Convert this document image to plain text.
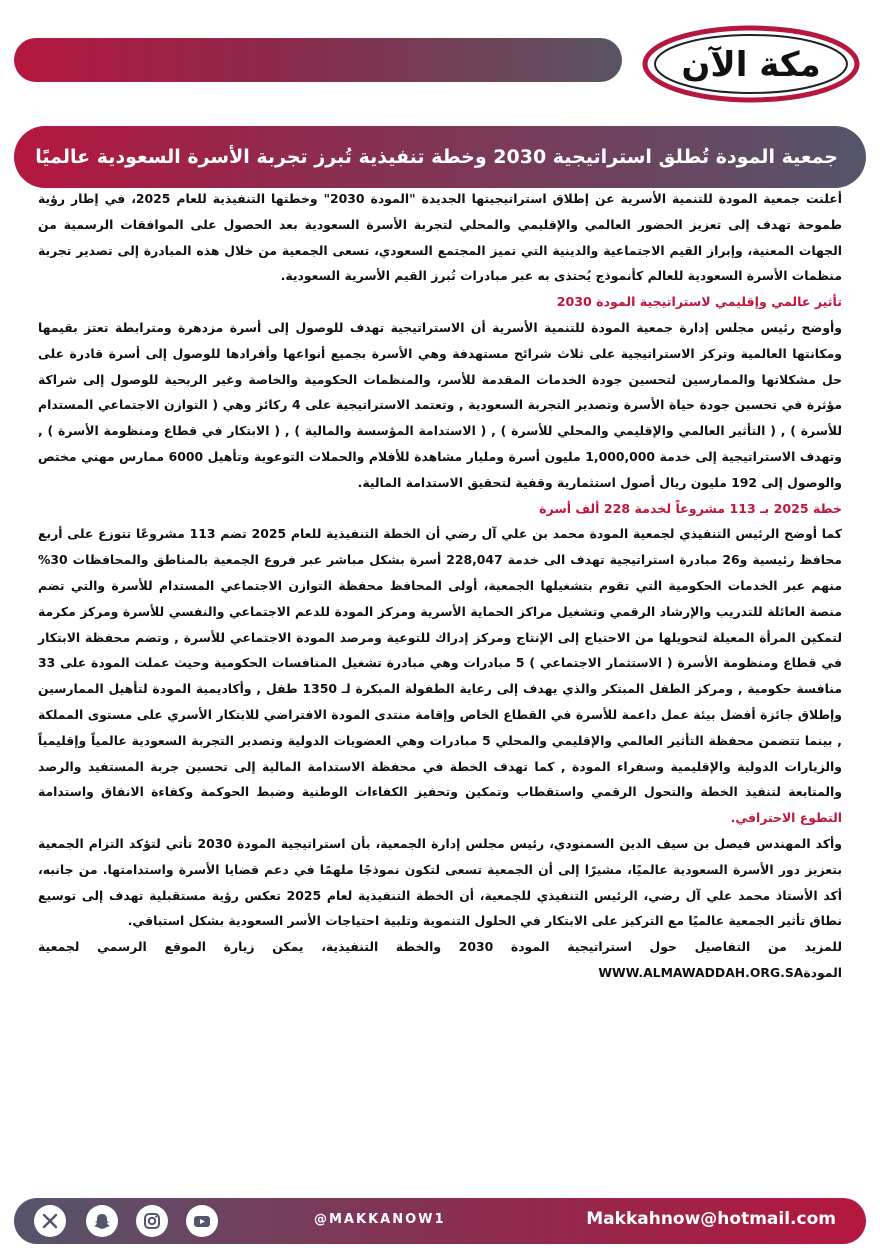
مكة الآن
جمعية المودة تُطلق استراتيجية 2030 وخطة تنفيذية تُبرز تجربة الأسرة السعودية عالميًا

أعلنت جمعية المودة للتنمية الأسرية عن إطلاق استراتيجيتها الجديدة "المودة 2030" وخطتها التنفيذية للعام 2025، في إطار رؤية طموحة تهدف إلى تعزيز الحضور العالمي والإقليمي والمحلي لتجربة الأسرة السعودية بعد الحصول على الموافقات الرسمية من الجهات المعنية، وإبراز القيم الاجتماعية والدينية التي تميز المجتمع السعودي، تسعى الجمعية من خلال هذه المبادرة إلى تصدير تجربة منظمات الأسرة السعودية للعالم كأنموذج يُحتذى به عبر مبادرات تُبرز القيم الأسرية السعودية.

تأثير عالمي وإقليمي لاستراتيجية المودة 2030

وأوضح رئيس مجلس إدارة جمعية المودة للتنمية الأسرية أن الاستراتيجية تهدف للوصول إلى أسرة مزدهرة ومترابطة تعتز بقيمها ومكانتها العالمية وتركز الاستراتيجية على ثلاث شرائح مستهدفة وهي الأسرة بجميع أنواعها وأفرادها للوصول إلى أسرة قادرة على حل مشكلاتها والممارسين لتحسين جودة الخدمات المقدمة للأسر، والمنظمات الحكومية والخاصة وغير الربحية للوصول إلى شراكة مؤثرة في تحسين جودة حياة الأسرة وتصدير التجربة السعودية , وتعتمد الاستراتيجية على 4 ركائز وهي ( التوازن الاجتماعي المستدام للأسرة ) , ( التأثير العالمي والإقليمي والمحلي للأسرة ) , ( الاستدامة المؤسسة والمالية ) , ( الابتكار في قطاع ومنظومة الأسرة ) , وتهدف الاستراتيجية إلى خدمة 1,000,000 مليون أسرة ومليار مشاهدة للأفلام والحملات التوعوية وتأهيل 6000 ممارس مهني مختص والوصول إلى 192 مليون ريال أصول استثمارية وقفية لتحقيق الاستدامة المالية.

خطة 2025 بـ 113 مشروعاً لخدمة 228 ألف أسرة

كما أوضح الرئيس التنفيذي لجمعية المودة محمد بن علي آل رضي أن الخطة التنفيذية للعام 2025 تضم 113 مشروعًا تتوزع على أربع محافظ رئيسية و26 مبادرة استراتيجية تهدف الى خدمة 228,047 أسرة بشكل مباشر عبر فروع الجمعية بالمناطق والمحافظات 30% منهم عبر الخدمات الحكومية التي تقوم بتشغيلها الجمعية، أولى المحافظ محفظة التوازن الاجتماعي المستدام للأسرة والتي تضم منصة العائلة للتدريب والإرشاد الرقمي وتشغيل مراكز الحماية الأسرية ومركز المودة للدعم الاجتماعي والنفسي للأسرة ومركز مكرمة لتمكين المرأة المعيلة لتحويلها من الاحتياج إلى الإنتاج ومركز إدراك للتوعية ومرصد المودة الاجتماعي للأسرة , وتضم محفظة الابتكار في قطاع ومنظومة الأسرة ( الاستثمار الاجتماعي ) 5 مبادرات وهي مبادرة تشغيل المنافسات الحكومية وحيث عملت المودة على 33 منافسة حكومية , ومركز الطفل المبتكر والذي يهدف إلى رعاية الطفولة المبكرة لـ 1350 طفل , وأكاديمية المودة لتأهيل الممارسين وإطلاق جائزة أفضل بيئة عمل داعمة للأسرة في القطاع الخاص وإقامة منتدى المودة الافتراضي للابتكار الأسري على مستوى المملكة , بينما تتضمن محفظة التأثير العالمي والإقليمي والمحلي 5 مبادرات وهي العضويات الدولية وتصدير التجربة السعودية عالمياً وإقليمياً والزيارات الدولية والإقليمية وسفراء المودة , كما تهدف الخطة في محفظة الاستدامة المالية إلى تحسين جربة المستفيد والرصد والمتابعة لتنفيذ الخطة والتحول الرقمي واستقطاب وتمكين وتحفيز الكفاءات الوطنية وضبط الحوكمة وكفاءة الانفاق واستدامة التطوع الاحترافي.

وأكد المهندس فيصل بن سيف الدين السمنودي، رئيس مجلس إدارة الجمعية، بأن استراتيجية المودة 2030 تأتي لتؤكد التزام الجمعية بتعزيز دور الأسرة السعودية عالميًا، مشيرًا إلى أن الجمعية تسعى لتكون نموذجًا ملهمًا في دعم قضايا الأسرة واستدامتها. من جانبه، أكد الأستاذ محمد علي آل رضي، الرئيس التنفيذي للجمعية، أن الخطة التنفيذية لعام 2025 تعكس رؤية مستقبلية تهدف إلى توسيع نطاق تأثير الجمعية عالميًا مع التركيز على الابتكار في الحلول التنموية وتلبية احتياجات الأسر السعودية بشكل استباقي.

للمزيد من التفاصيل حول استراتيجية المودة 2030 والخطة التنفيذية، يمكن زيارة الموقع الرسمي لجمعية المودةWWW.ALMAWADDAH.ORG.SA

@MAKKANOW1	Makkahnow@hotmail.com
